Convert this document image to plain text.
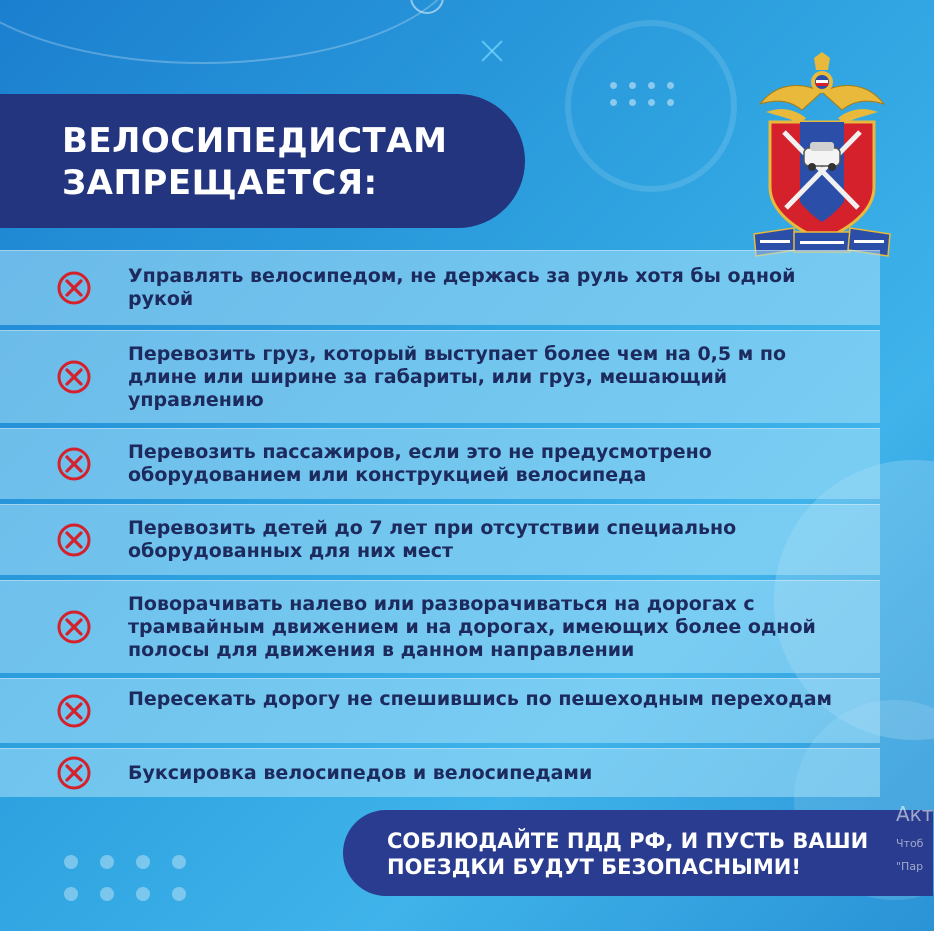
ВЕЛОСИПЕДИСТАМ
ЗАПРЕЩАЕТСЯ:
Управлять велосипедом, не держась за руль хотя бы одной рукой
Перевозить груз, который выступает более чем на 0,5 м по длине или ширине за габариты, или груз, мешающий управлению
Перевозить пассажиров, если это не предусмотрено оборудованием или конструкцией велосипеда
Перевозить детей до 7 лет при отсутствии специально оборудованных для них мест
Поворачивать налево или разворачиваться на дорогах с трамвайным движением и на дорогах, имеющих более одной полосы для движения в данном направлении
Пересекать дорогу не спешившись по пешеходным переходам
Буксировка велосипедов и велосипедами
СОБЛЮДАЙТЕ ПДД РФ, И ПУСТЬ ВАШИ
ПОЕЗДКИ БУДУТ БЕЗОПАСНЫМИ!
Акт
Чтоб
"Пар
